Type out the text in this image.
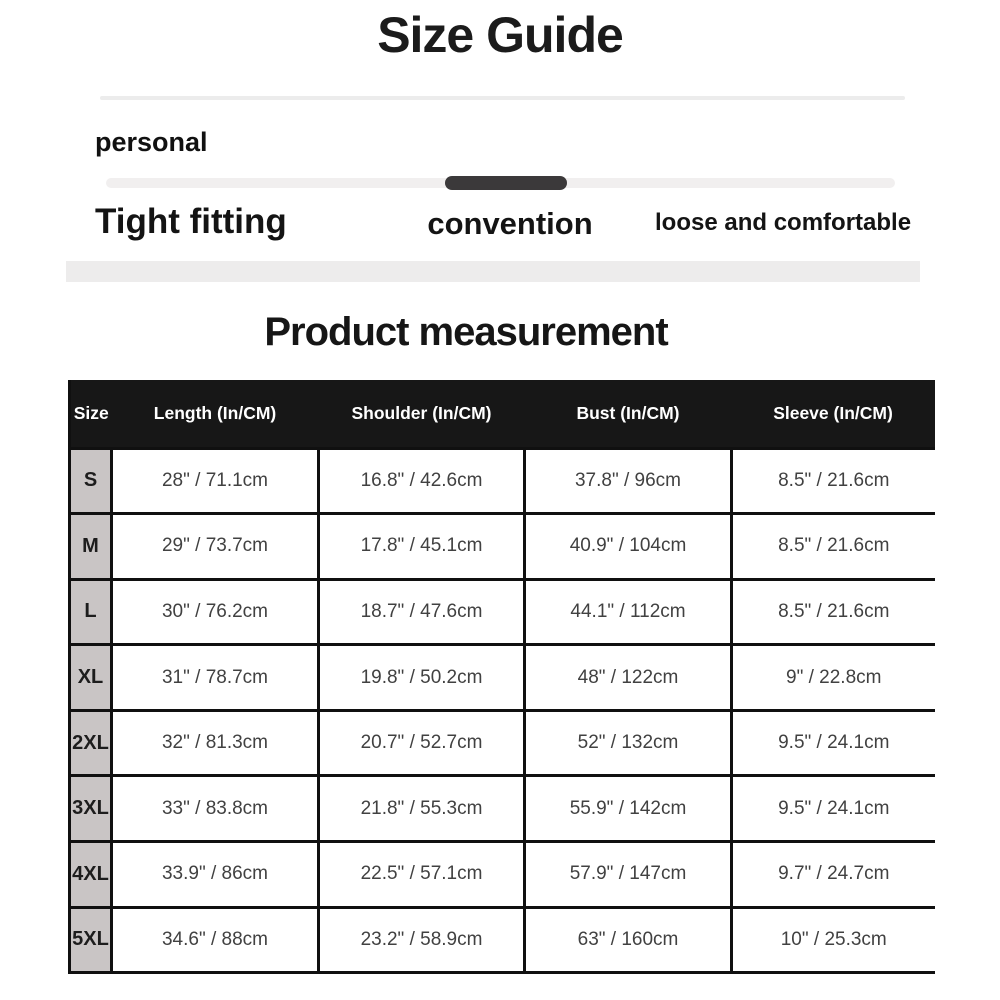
Size Guide
personal
Tight fitting	convention	loose and comfortable
Product measurement
Size	Length (In/CM)	Shoulder (In/CM)	Bust (In/CM)	Sleeve (In/CM)
S	28" / 71.1cm	16.8" / 42.6cm	37.8" / 96cm	8.5" / 21.6cm
M	29" / 73.7cm	17.8" / 45.1cm	40.9" / 104cm	8.5" / 21.6cm
L	30" / 76.2cm	18.7" / 47.6cm	44.1" / 112cm	8.5" / 21.6cm
XL	31" / 78.7cm	19.8" / 50.2cm	48" / 122cm	9" / 22.8cm
2XL	32" / 81.3cm	20.7" / 52.7cm	52" / 132cm	9.5" / 24.1cm
3XL	33" / 83.8cm	21.8" / 55.3cm	55.9" / 142cm	9.5" / 24.1cm
4XL	33.9" / 86cm	22.5" / 57.1cm	57.9" / 147cm	9.7" / 24.7cm
5XL	34.6" / 88cm	23.2" / 58.9cm	63" / 160cm	10" / 25.3cm
